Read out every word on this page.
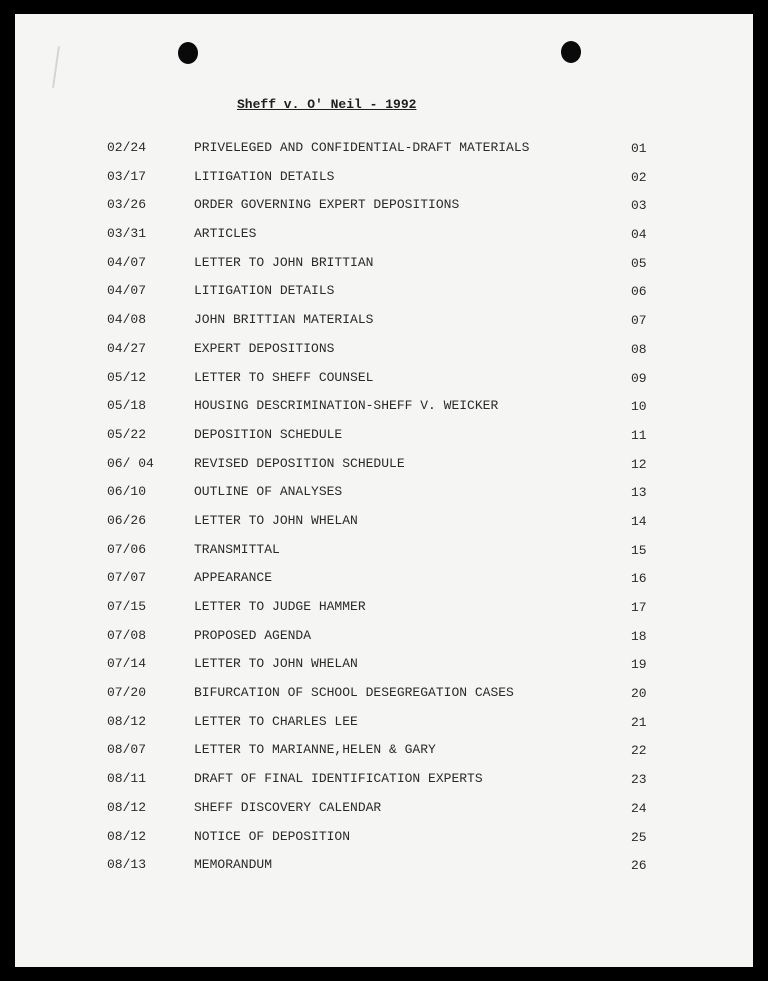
Sheff v. O' Neil - 1992
02/24	PRIVELEGED AND CONFIDENTIAL-DRAFT MATERIALS	01
03/17	LITIGATION DETAILS	02
03/26	ORDER GOVERNING EXPERT DEPOSITIONS	03
03/31	ARTICLES	04
04/07	LETTER TO JOHN BRITTIAN	05
04/07	LITIGATION DETAILS	06
04/08	JOHN BRITTIAN MATERIALS	07
04/27	EXPERT DEPOSITIONS	08
05/12	LETTER TO SHEFF COUNSEL	09
05/18	HOUSING DESCRIMINATION-SHEFF V. WEICKER	10
05/22	DEPOSITION SCHEDULE	11
06/ 04	REVISED DEPOSITION SCHEDULE	12
06/10	OUTLINE OF ANALYSES	13
06/26	LETTER TO JOHN WHELAN	14
07/06	TRANSMITTAL	15
07/07	APPEARANCE	16
07/15	LETTER TO JUDGE HAMMER	17
07/08	PROPOSED AGENDA	18
07/14	LETTER TO JOHN WHELAN	19
07/20	BIFURCATION OF SCHOOL DESEGREGATION CASES	20
08/12	LETTER TO CHARLES LEE	21
08/07	LETTER TO MARIANNE,HELEN & GARY	22
08/11	DRAFT OF FINAL IDENTIFICATION EXPERTS	23
08/12	SHEFF DISCOVERY CALENDAR	24
08/12	NOTICE OF DEPOSITION	25
08/13	MEMORANDUM	26
